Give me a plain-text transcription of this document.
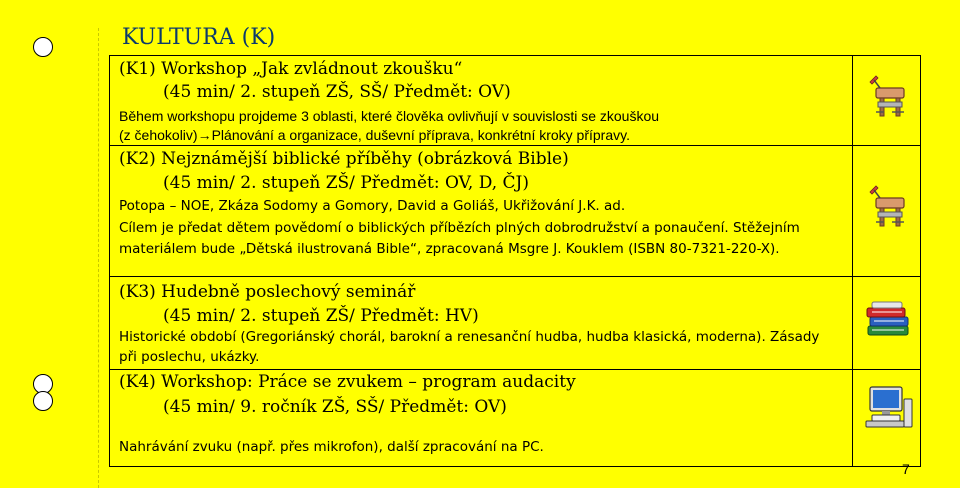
KULTURA (K)
(K1) Workshop „Jak zvládnout zkoušku“
(45 min/ 2. stupeň ZŠ, SŠ/ Předmět: OV)
Během workshopu projdeme 3 oblasti, které člověka ovlivňují v souvislosti se zkouškou
(z čehokoliv)→Plánování a organizace, duševní příprava, konkrétní kroky přípravy.
(K2) Nejznámější biblické příběhy (obrázková Bible)
(45 min/ 2. stupeň ZŠ/ Předmět: OV, D, ČJ)
Potopa – NOE, Zkáza Sodomy a Gomory, David a Goliáš, Ukřižování J.K. ad.
Cílem je předat dětem povědomí o biblických příbězích plných dobrodružství a ponaučení. Stěžejním
materiálem bude „Dětská ilustrovaná Bible“, zpracovaná Msgre J. Kouklem (ISBN 80-7321-220-X).
(K3) Hudebně poslechový seminář
(45 min/ 2. stupeň ZŠ/ Předmět: HV)
Historické období (Gregoriánský chorál, barokní a renesanční hudba, hudba klasická, moderna). Zásady
při poslechu, ukázky.
(K4) Workshop: Práce se zvukem – program audacity
(45 min/ 9. ročník ZŠ, SŠ/ Předmět: OV)
Nahrávání zvuku (např. přes mikrofon), další zpracování na PC.
7
